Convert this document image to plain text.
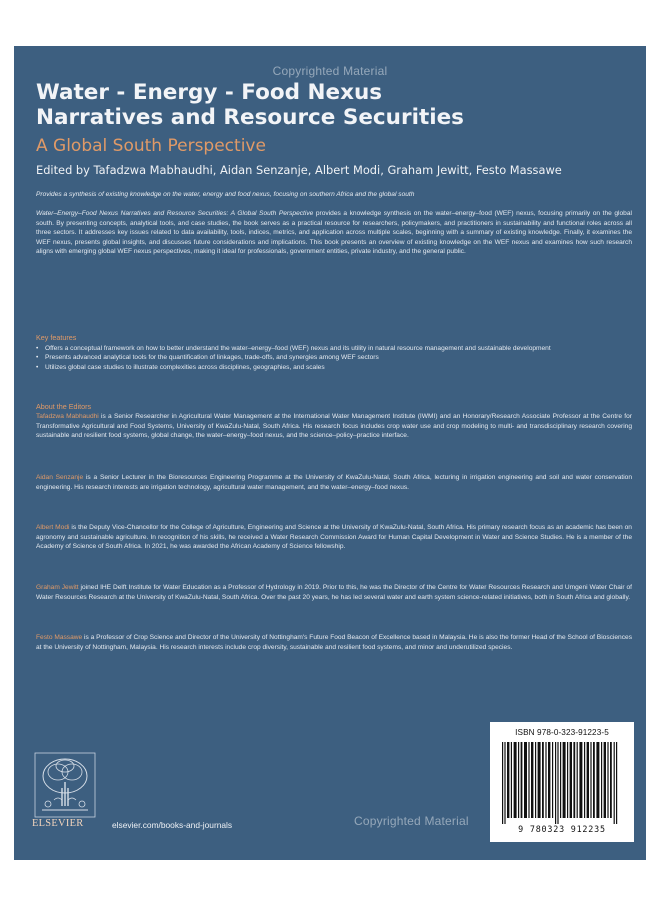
Copyrighted Material
Water - Energy - Food Nexus
Narratives and Resource Securities
A Global South Perspective
Edited by Tafadzwa Mabhaudhi, Aidan Senzanje, Albert Modi, Graham Jewitt, Festo Massawe
Provides a synthesis of existing knowledge on the water, energy and food nexus, focusing on southern Africa and the global south
Water–Energy–Food Nexus Narratives and Resource Securities: A Global South Perspective provides a knowledge synthesis on the water–energy–food (WEF) nexus, focusing primarily on the global south. By presenting concepts, analytical tools, and case studies, the book serves as a practical resource for researchers, policymakers, and practitioners in sustainability and functional roles across all three sectors. It addresses key issues related to data availability, tools, indices, metrics, and application across multiple scales, beginning with a summary of existing knowledge. Finally, it examines the WEF nexus, presents global insights, and discusses future considerations and implications. This book presents an overview of existing knowledge on the WEF nexus and examines how such research aligns with emerging global WEF nexus perspectives, making it ideal for professionals, government entities, private industry, and the general public.
Key features
• Offers a conceptual framework on how to better understand the water–energy–food (WEF) nexus and its utility in natural resource management and sustainable development
• Presents advanced analytical tools for the quantification of linkages, trade-offs, and synergies among WEF sectors
• Utilizes global case studies to illustrate complexities across disciplines, geographies, and scales
About the Editors
Tafadzwa Mabhaudhi is a Senior Researcher in Agricultural Water Management at the International Water Management Institute (IWMI) and an Honorary/Research Associate Professor at the Centre for Transformative Agricultural and Food Systems, University of KwaZulu-Natal, South Africa. His research focus includes crop water use and crop modeling to multi- and transdisciplinary research covering sustainable and resilient food systems, global change, the water–energy–food nexus, and the science–policy–practice interface.
Aidan Senzanje is a Senior Lecturer in the Bioresources Engineering Programme at the University of KwaZulu-Natal, South Africa, lecturing in irrigation engineering and soil and water conservation engineering. His research interests are irrigation technology, agricultural water management, and the water–energy–food nexus.
Albert Modi is the Deputy Vice-Chancellor for the College of Agriculture, Engineering and Science at the University of KwaZulu-Natal, South Africa. His primary research focus as an academic has been on agronomy and sustainable agriculture. In recognition of his skills, he received a Water Research Commission Award for Human Capital Development in Water and Science Studies. He is a member of the Academy of Science of South Africa. In 2021, he was awarded the African Academy of Science fellowship.
Graham Jewitt joined IHE Delft Institute for Water Education as a Professor of Hydrology in 2019. Prior to this, he was the Director of the Centre for Water Resources Research and Umgeni Water Chair of Water Resources Research at the University of KwaZulu-Natal, South Africa. Over the past 20 years, he has led several water and earth system science-related initiatives, both in South Africa and globally.
Festo Massawe is a Professor of Crop Science and Director of the University of Nottingham's Future Food Beacon of Excellence based in Malaysia. He is also the former Head of the School of Biosciences at the University of Nottingham, Malaysia. His research interests include crop diversity, sustainable and resilient food systems, and minor and underutilized species.
ELSEVIER	elsevier.com/books-and-journals	Copyrighted Material
ISBN 978-0-323-91223-5
9 780323 912235
